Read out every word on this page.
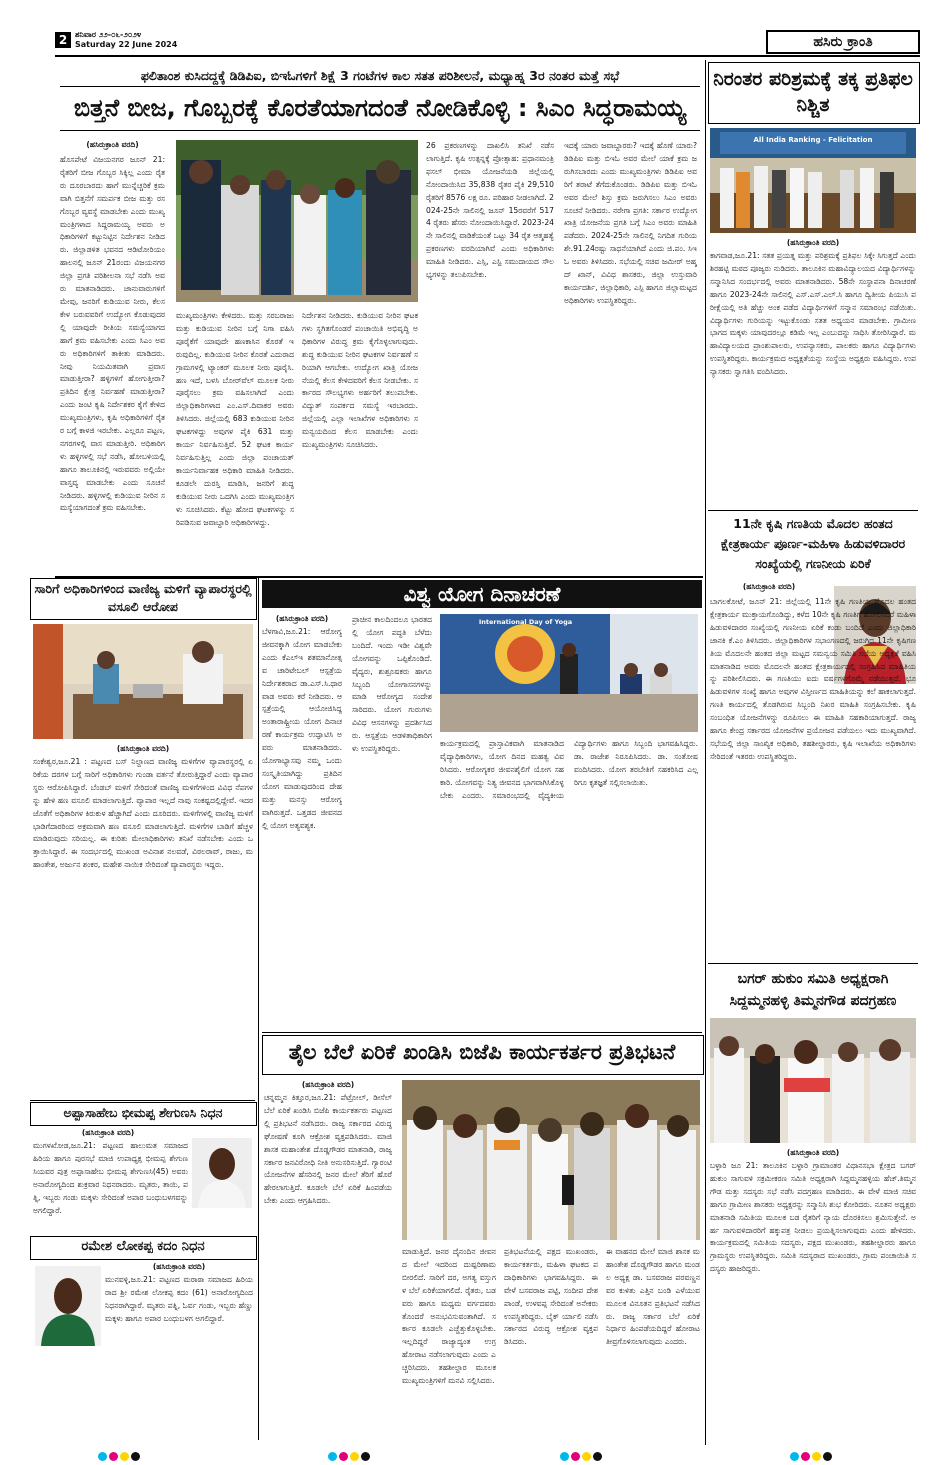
2 ಶನಿವಾರ ೨೨-೦೬-೨೦೨೪
Saturday 22 June 2024	ಹಸಿರು ಕ್ರಾಂತಿ
ಫಲಿತಾಂಶ ಕುಸಿದದ್ದಕ್ಕೆ ಡಿಡಿಪಿಐ, ಬಿಇಓಗಳಿಗೆ ಶಿಕ್ಷೆ 3 ಗಂಟೆಗಳ ಕಾಲ ಸತತ ಪರಿಶೀಲನೆ, ಮಧ್ಯಾಹ್ನ 3ರ ನಂತರ ಮತ್ತೆ ಸಭೆ
ಬಿತ್ತನೆ ಬೀಜ, ಗೊಬ್ಬರಕ್ಕೆ ಕೊರತೆಯಾಗದಂತೆ ನೋಡಿಕೊಳ್ಳಿ : ಸಿಎಂ ಸಿದ್ಧರಾಮಯ್ಯ
(ಹಸಿರುಕ್ರಾಂತಿ ವರದಿ)
ಹೊಸಪೇಟೆ ವಿಜಯನಗರ ಜೂನ್ 21: ರೈತರಿಗೆ ಬೀಜ ಗೊಬ್ಬರ ಸಿಕ್ಕಿಲ್ಲ ಎಂದು ರೈತರು ದೂರಬಾರದು ಹಾಗೆ ಮುನ್ನೆಚ್ಚರಿಕೆ ಕ್ರಮವಾಗಿ ಬಿತ್ತನೆಗೆ ಸಮರ್ಪಕ ಬೀಜ ಮತ್ತು ರಸಗೊಬ್ಬರ ವ್ಯವಸ್ಥೆ ಮಾಡಬೇಕು ಎಂದು ಮುಖ್ಯಮಂತ್ರಿಗಳಾದ ಸಿದ್ದರಾಮಯ್ಯ ಅವರು ಅಧಿಕಾರಿಗಳಿಗೆ ಕಟ್ಟುನಿಟ್ಟಿನ ನಿರ್ದೇಶನ ನೀಡಿದರು. ಜಿಲ್ಲಾಡಳಿತ ಭವನದ ಆಡಿಟೋರಿಯಂ ಹಾಲನಲ್ಲಿ ಜೂನ್ 21ರಂದು ವಿಜಯನಗರ ಜಿಲ್ಲಾ ಪ್ರಗತಿ ಪರಿಶೀಲನಾ ಸಭೆ ನಡೆಸಿ ಅವರು ಮಾತನಾಡಿದರು. ಜಾನುವಾರುಗಳಿಗೆ ಮೇವು, ಜನರಿಗೆ ಕುಡಿಯುವ ನೀರು, ಕೆಲಸ ಕೇಳ ಬರುವವರಿಗೆ ಉದ್ಯೋಗ ಕೊಡುವುದರಲ್ಲಿ ಯಾವುದೇ ರೀತಿಯ ಸಮಸ್ಯೆಯಾಗದ ಹಾಗೆ ಕ್ರಮ ವಹಿಸಬೇಕು ಎಂದು ಸಿಎಂ ಅವರು ಅಧಿಕಾರಿಗಳಿಗೆ ತಾಕೀತು ಮಾಡಿದರು. ನೀವು ನಿಯಮಿತವಾಗಿ ಪ್ರವಾಸ ಮಾಡುತ್ತೀರಾ? ಹಳ್ಳಿಗಳಿಗೆ ಹೋಗುತ್ತೀರಾ? ಪ್ರತಿದಿನ ಕ್ಷೇತ್ರ ನಿರ್ವಹಣೆ ಮಾಡುತ್ತೀರಾ? ಎಂದು ಜಂಟಿ ಕೃಷಿ ನಿರ್ದೇಶಕರ ಕೈಗೆ ಕೇಳಿದ ಮುಖ್ಯಮಂತ್ರಿಗಳು, ಕೃಷಿ ಅಧಿಕಾರಿಗಳಿಗೆ ರೈತರ ಬಗ್ಗೆ ಕಾಳಜಿ ಇರಬೇಕು. ಎಲ್ಲರೂ ಪಟ್ಟಣ, ನಗರಗಳಲ್ಲಿ ವಾಸ ಮಾಡುತ್ತೀರಿ. ಅಧಿಕಾರಿಗಳು ಹಳ್ಳಿಗಳಲ್ಲಿ ಸಭೆ ನಡೆಸಿ, ಹೋಬಳಿಯಲ್ಲಿ ಹಾಗೂ ತಾಲೂಕಿನಲ್ಲಿ ಇರುವವರು ಅಲ್ಲಿಯೇ ವಾಸ್ತವ್ಯ ಮಾಡಬೇಕು ಎಂದು ಸೂಚನೆ ನೀಡಿದರು. ಹಳ್ಳಿಗಳಲ್ಲಿ ಕುಡಿಯುವ ನೀರಿನ ಸಮಸ್ಯೆಯಾಗದಂತೆ ಕ್ರಮ ವಹಿಸಬೇಕು.
ಮುಖ್ಯಮಂತ್ರಿಗಳು ಕೇಳಿದರು. ಮತ್ತು ಸರಬರಾಜು ಮತ್ತು ಕುಡಿಯುವ ನೀರಿನ ಬಗ್ಗೆ ನಿಗಾ ವಹಿಸಿ ಪೂರೈಕೆಗೆ ಯಾವುದೇ ಹಣಕಾಸಿನ ಕೊರತೆ ಇರುವುದಿಲ್ಲ. ಕುಡಿಯುವ ನೀರಿನ ಕೊರತೆ ಎದುರಾದ ಗ್ರಾಮಗಳಲ್ಲಿ ಟ್ಯಾಂಕರ್ ಮೂಲಕ ನೀರು ಪೂರೈಸಿ. ಹಣ ಇದೆ, ಬಳಸಿ ಬೋರ್‌ವೆಲ್ ಮೂಲಕ ನೀರು ಪೂರೈಸಲು ಕ್ರಮ ವಹಿಸಲಾಗಿದೆ ಎಂದು ಜಿಲ್ಲಾಧಿಕಾರಿಗಳಾದ ಎಂ.ಎಸ್.ದಿವಾಕರ ಅವರು ತಿಳಿಸಿದರು. ಜಿಲ್ಲೆಯಲ್ಲಿ 683 ಕುಡಿಯುವ ನೀರಿನ ಘಟಕಗಳಿದ್ದು ಅವುಗಳ ಪೈಕಿ 631 ಮತ್ತು ಕಾರ್ಯ ನಿರ್ವಹಿಸುತ್ತಿವೆ. 52 ಘಟಕ ಕಾರ್ಯ ನಿರ್ವಹಿಸುತ್ತಿಲ್ಲ ಎಂದು ಜಿಲ್ಲಾ ಪಂಚಾಯತ್ ಕಾರ್ಯನಿರ್ವಾಹಕ ಅಧಿಕಾರಿ ಮಾಹಿತಿ ನೀಡಿದರು. ಕೂಡಲೇ ದುರಸ್ತಿ ಮಾಡಿಸಿ, ಜನರಿಗೆ ಶುದ್ಧ ಕುಡಿಯುವ ನೀರು ಒದಗಿಸಿ ಎಂದು ಮುಖ್ಯಮಂತ್ರಿಗಳು ಸೂಚಿಸಿದರು. ಕೆಟ್ಟು ಹೋದ ಘಟಕಗಳನ್ನು ಸರಿಪಡಿಸುವ ಜವಾಬ್ದಾರಿ ಅಧಿಕಾರಿಗಳದ್ದು.
ನಿರ್ದೇಶನ ನೀಡಿದರು. ಕುಡಿಯುವ ನೀರಿನ ಘಟಕಗಳು ಸ್ಥಗಿತಗೊಂಡರೆ ಪಂಚಾಯಿತಿ ಅಭಿವೃದ್ಧಿ ಅಧಿಕಾರಿಗಳ ವಿರುದ್ಧ ಕ್ರಮ ಕೈಗೊಳ್ಳಲಾಗುವುದು. ಶುದ್ಧ ಕುಡಿಯುವ ನೀರಿನ ಘಟಕಗಳ ನಿರ್ವಹಣೆ ಸರಿಯಾಗಿ ಆಗಬೇಕು. ಉದ್ಯೋಗ ಖಾತ್ರಿ ಯೋಜನೆಯಲ್ಲಿ ಕೆಲಸ ಕೇಳಿದವರಿಗೆ ಕೆಲಸ ನೀಡಬೇಕು. ಸರ್ಕಾರದ ಸೌಲಭ್ಯಗಳು ಅರ್ಹರಿಗೆ ತಲುಪಬೇಕು. ವಿದ್ಯುತ್ ಸಂಪರ್ಕದ ಸಮಸ್ಯೆ ಇರಬಾರದು. ಜಿಲ್ಲೆಯಲ್ಲಿ ಎಲ್ಲಾ ಇಲಾಖೆಗಳ ಅಧಿಕಾರಿಗಳು ಸಮನ್ವಯದಿಂದ ಕೆಲಸ ಮಾಡಬೇಕು ಎಂದು ಮುಖ್ಯಮಂತ್ರಿಗಳು ಸೂಚಿಸಿದರು.
26 ಪ್ರಕರಣಗಳನ್ನು ದಾಖಲಿಸಿ ತನಿಖೆ ನಡೆಸಲಾಗುತ್ತಿದೆ. ಕೃಷಿ ಉತ್ಪನ್ನಕ್ಕೆ ಪ್ರೋತ್ಸಾಹ: ಪ್ರಧಾನಮಂತ್ರಿ ಫಸಲ್ ಭೀಮಾ ಯೋಜನೆಯಡಿ ಜಿಲ್ಲೆಯಲ್ಲಿ ನೋಂದಾಯಿಸಿದ 35,838 ರೈತರ ಪೈಕಿ 29,510 ರೈತರಿಗೆ 8576 ಲಕ್ಷ ರೂ. ಪರಿಹಾರ ನೀಡಲಾಗಿದೆ. 2024-25ನೇ ಸಾಲಿನಲ್ಲಿ ಜೂನ್ 15ರವರೆಗೆ 5174 ರೈತರು ಹೆಸರು ನೋಂದಾಯಿಸಿದ್ದಾರೆ. 2023-24ನೇ ಸಾಲಿನಲ್ಲಿ ವಾಡಿಕೆಯಂತೆ ಒಟ್ಟು 34 ರೈತ ಆತ್ಮಹತ್ಯೆ ಪ್ರಕರಣಗಳು ವರದಿಯಾಗಿವೆ ಎಂದು ಅಧಿಕಾರಿಗಳು ಮಾಹಿತಿ ನೀಡಿದರು. ಎಸ್ಸಿ, ಎಸ್ಟಿ ಸಮುದಾಯದ ಸೌಲಭ್ಯಗಳನ್ನು ತಲುಪಿಸಬೇಕು.
ಇದಕ್ಕೆ ಯಾರು ಜವಾಬ್ದಾರರು? ಇದಕ್ಕೆ ಹೊಣೆ ಯಾರು? ಡಿಡಿಪಿಐ ಮತ್ತು ಬಿಇಓ ಅವರ ಮೇಲೆ ಯಾಕೆ ಕ್ರಮ ಜರುಗಿಸಬಾರದು ಎಂದು ಮುಖ್ಯಮಂತ್ರಿಗಳು ಡಿಡಿಪಿಐ ಅವರಿಗೆ ತರಾಟೆ ತೆಗೆದುಕೊಂಡರು. ಡಿಡಿಪಿಐ ಮತ್ತು ಬಿಇಓ ಅವರ ಮೇಲೆ ಶಿಸ್ತು ಕ್ರಮ ಜರುಗಿಸಲು ಸಿಎಂ ಅವರು ಸೂಚನೆ ನೀಡಿದರು. ನರೇಗಾ ಪ್ರಗತಿ: ಸರ್ಕಾರ ಉದ್ಯೋಗ ಖಾತ್ರಿ ಯೋಜನೆಯ ಪ್ರಗತಿ ಬಗ್ಗೆ ಸಿಎಂ ಅವರು ಮಾಹಿತಿ ಪಡೆದರು. 2024-25ನೇ ಸಾಲಿನಲ್ಲಿ ನಿಗದಿತ ಗುರಿಯ ಶೇ.91.24ರಷ್ಟು ಸಾಧನೆಯಾಗಿದೆ ಎಂದು ಜಿ.ಪಂ. ಸಿಇಓ ಅವರು ತಿಳಿಸಿದರು. ಸಭೆಯಲ್ಲಿ ಸಚಿವ ಜಮೀರ್ ಅಹ್ಮದ್ ಖಾನ್, ವಿವಿಧ ಶಾಸಕರು, ಜಿಲ್ಲಾ ಉಸ್ತುವಾರಿ ಕಾರ್ಯದರ್ಶಿ, ಜಿಲ್ಲಾಧಿಕಾರಿ, ಎಸ್ಪಿ ಹಾಗೂ ಜಿಲ್ಲಾಮಟ್ಟದ ಅಧಿಕಾರಿಗಳು ಉಪಸ್ಥಿತರಿದ್ದರು.
ನಿರಂತರ ಪರಿಶ್ರಮಕ್ಕೆ ತಕ್ಕ ಪ್ರತಿಫಲ ನಿಶ್ಚಿತ
All India Ranking - Felicitation
(ಹಸಿರುಕ್ರಾಂತಿ ವರದಿ)
ಕಾಗವಾಡ,ಜೂ.21: ಸತತ ಪ್ರಯತ್ನ ಮತ್ತು ಪರಿಶ್ರಮಕ್ಕೆ ಪ್ರತಿಫಲ ಸಿಕ್ಕೇ ಸಿಗುತ್ತದೆ ಎಂದು ಶಿರಹಟ್ಟಿ ಮಠದ ಪೂಜ್ಯರು ನುಡಿದರು. ತಾಲೂಕಿನ ಮಹಾವಿದ್ಯಾಲಯದ ವಿದ್ಯಾರ್ಥಿಗಳನ್ನು ಸನ್ಮಾನಿಸಿದ ಸಂದರ್ಭದಲ್ಲಿ ಅವರು ಮಾತನಾಡಿದರು. 58ನೇ ಸಂಸ್ಥಾಪನಾ ದಿನಾಚರಣೆ ಹಾಗೂ 2023-24ನೇ ಸಾಲಿನಲ್ಲಿ ಎಸ್.ಎಸ್.ಎಲ್.ಸಿ ಹಾಗೂ ದ್ವಿತೀಯ ಪಿಯುಸಿ ಪರೀಕ್ಷೆಯಲ್ಲಿ ಅತಿ ಹೆಚ್ಚು ಅಂಕ ಪಡೆದ ವಿದ್ಯಾರ್ಥಿಗಳಿಗೆ ಸನ್ಮಾನ ಸಮಾರಂಭ ನಡೆಯಿತು. ವಿದ್ಯಾರ್ಥಿಗಳು ಗುರಿಯನ್ನು ಇಟ್ಟುಕೊಂಡು ಸತತ ಅಧ್ಯಯನ ಮಾಡಬೇಕು. ಗ್ರಾಮೀಣ ಭಾಗದ ಮಕ್ಕಳು ಯಾವುದರಲ್ಲೂ ಕಡಿಮೆ ಇಲ್ಲ ಎಂಬುದನ್ನು ಸಾಧಿಸಿ ತೋರಿಸಿದ್ದಾರೆ. ಮಹಾವಿದ್ಯಾಲಯದ ಪ್ರಾಂಶುಪಾಲರು, ಉಪನ್ಯಾಸಕರು, ಪಾಲಕರು ಹಾಗೂ ವಿದ್ಯಾರ್ಥಿಗಳು ಉಪಸ್ಥಿತರಿದ್ದರು. ಕಾರ್ಯಕ್ರಮದ ಅಧ್ಯಕ್ಷತೆಯನ್ನು ಸಂಸ್ಥೆಯ ಅಧ್ಯಕ್ಷರು ವಹಿಸಿದ್ದರು. ಉಪನ್ಯಾಸಕರು ಸ್ವಾಗತಿಸಿ ವಂದಿಸಿದರು.
11ನೇ ಕೃಷಿ ಗಣತಿಯ ಮೊದಲ ಹಂತದ ಕ್ಷೇತ್ರಕಾರ್ಯ ಪೂರ್ಣ-ಮಹಿಳಾ ಹಿಡುವಳಿದಾರರ ಸಂಖ್ಯೆಯಲ್ಲಿ ಗಣನೀಯ ಏರಿಕೆ
(ಹಸಿರುಕ್ರಾಂತಿ ವರದಿ)
ಬಾಗಲಕೋಟೆ, ಜೂನ್ 21: ಜಿಲ್ಲೆಯಲ್ಲಿ 11ನೇ ಕೃಷಿ ಗಣತಿಯ ಮೊದಲ ಹಂತದ ಕ್ಷೇತ್ರಕಾರ್ಯ ಮುಕ್ತಾಯಗೊಂಡಿದ್ದು, ಕಳೆದ 10ನೇ ಕೃಷಿ ಗಣತಿಗೆ ಹೋಲಿಸಿದರೆ ಮಹಿಳಾ ಹಿಡುವಳಿದಾರರ ಸಂಖ್ಯೆಯಲ್ಲಿ ಗಣನೀಯ ಏರಿಕೆ ಕಂಡು ಬಂದಿದೆ ಎಂದು ಜಿಲ್ಲಾಧಿಕಾರಿ ಜಾನಕಿ ಕೆ.ಎಂ ತಿಳಿಸಿದರು. ಜಿಲ್ಲಾಧಿಕಾರಿಗಳ ಸಭಾಂಗಣದಲ್ಲಿ ಜರುಗಿದ 11ನೇ ಕೃಷಿಗಣತಿಯ ಮೊದಲನೇ ಹಂತದ ಜಿಲ್ಲಾ ಮಟ್ಟದ ಸಮನ್ವಯ ಸಮಿತಿ ಸಭೆಯ ಅಧ್ಯಕ್ಷತೆ ವಹಿಸಿ ಮಾತನಾಡಿದ ಅವರು ಮೊದಲನೇ ಹಂತದ ಕ್ಷೇತ್ರಕಾರ್ಯದಲ್ಲಿ ಸಂಗ್ರಹಿಸಿದ ಮಾಹಿತಿಯನ್ನು ಪರಿಶೀಲಿಸಿದರು. ಈ ಗಣತಿಯು ಐದು ವರ್ಷಗಳಿಗೊಮ್ಮೆ ನಡೆಯುತ್ತದೆ. ಭೂ ಹಿಡುವಳಿಗಳ ಸಂಖ್ಯೆ ಹಾಗೂ ಅವುಗಳ ವಿಸ್ತೀರ್ಣದ ಮಾಹಿತಿಯನ್ನು ಕಲೆ ಹಾಕಲಾಗುತ್ತದೆ. ಗಣತಿ ಕಾರ್ಯದಲ್ಲಿ ತೊಡಗಿರುವ ಸಿಬ್ಬಂದಿ ನಿಖರ ಮಾಹಿತಿ ಸಂಗ್ರಹಿಸಬೇಕು. ಕೃಷಿ ಸಂಬಂಧಿತ ಯೋಜನೆಗಳನ್ನು ರೂಪಿಸಲು ಈ ಮಾಹಿತಿ ಸಹಕಾರಿಯಾಗುತ್ತದೆ. ರಾಜ್ಯ ಹಾಗೂ ಕೇಂದ್ರ ಸರ್ಕಾರದ ಯೋಜನೆಗಳ ಪ್ರಯೋಜನ ಪಡೆಯಲು ಇದು ಮುಖ್ಯವಾಗಿದೆ. ಸಭೆಯಲ್ಲಿ ಜಿಲ್ಲಾ ಸಾಂಖ್ಯಿಕ ಅಧಿಕಾರಿ, ತಹಶೀಲ್ದಾರರು, ಕೃಷಿ ಇಲಾಖೆಯ ಅಧಿಕಾರಿಗಳು ಸೇರಿದಂತೆ ಇತರರು ಉಪಸ್ಥಿತರಿದ್ದರು.
ಬಗರ್ ಹುಕುಂ ಸಮಿತಿ ಅಧ್ಯಕ್ಷರಾಗಿ ಸಿದ್ದಮ್ಮನಹಳ್ಳಿ ತಿಮ್ಮನಗೌಡ ಪದಗ್ರಹಣ
(ಹಸಿರುಕ್ರಾಂತಿ ವರದಿ)
ಬಳ್ಳಾರಿ ಜೂ 21: ತಾಲೂಕಿನ ಬಳ್ಳಾರಿ ಗ್ರಾಮಾಂತರ ವಿಧಾನಸಭಾ ಕ್ಷೇತ್ರದ ಬಗರ್ ಹುಕುಂ ಸಾಗುವಳಿ ಸಕ್ರಮೀಕರಣ ಸಮಿತಿ ಅಧ್ಯಕ್ಷರಾಗಿ ಸಿದ್ದಮ್ಮನಹಳ್ಳಿಯ ಹೆಚ್.ತಿಮ್ಮನಗೌಡ ಮತ್ತು ಸದಸ್ಯರು ಸಭೆ ನಡೆಸಿ ಪದಗ್ರಹಣ ಮಾಡಿದರು. ಈ ವೇಳೆ ಮಾಜಿ ಸಚಿವ ಹಾಗೂ ಗ್ರಾಮೀಣ ಶಾಸಕರು ಅಧ್ಯಕ್ಷರನ್ನು ಸನ್ಮಾನಿಸಿ ಶುಭ ಕೋರಿದರು. ನೂತನ ಅಧ್ಯಕ್ಷರು ಮಾತನಾಡಿ ಸಮಿತಿಯ ಮೂಲಕ ಬಡ ರೈತರಿಗೆ ನ್ಯಾಯ ದೊರಕಿಸಲು ಶ್ರಮಿಸುತ್ತೇನೆ. ಅರ್ಹ ಸಾಗುವಳಿದಾರರಿಗೆ ಹಕ್ಕುಪತ್ರ ನೀಡಲು ಪ್ರಯತ್ನಿಸಲಾಗುವುದು ಎಂದು ಹೇಳಿದರು. ಕಾರ್ಯಕ್ರಮದಲ್ಲಿ ಸಮಿತಿಯ ಸದಸ್ಯರು, ಪಕ್ಷದ ಮುಖಂಡರು, ತಹಶೀಲ್ದಾರರು ಹಾಗೂ ಗ್ರಾಮಸ್ಥರು ಉಪಸ್ಥಿತರಿದ್ದರು. ಸಮಿತಿ ಸದಸ್ಯರಾದ ಮುಖಂಡರು, ಗ್ರಾಮ ಪಂಚಾಯಿತಿ ಸದಸ್ಯರು ಹಾಜರಿದ್ದರು.
ಸಾರಿಗೆ ಅಧಿಕಾರಿಗಳಿಂದ ವಾಣಿಜ್ಯ ಮಳಿಗೆ ವ್ಯಾಪಾರಸ್ಥರಲ್ಲಿ ವಸೂಲಿ ಆರೋಪ
(ಹಸಿರುಕ್ರಾಂತಿ ವರದಿ)
ಸಂಕೇಶ್ವರ,ಜೂ.21 : ಪಟ್ಟಣದ ಬಸ್ ನಿಲ್ದಾಣದ ವಾಣಿಜ್ಯ ಮಳಿಗೆಗಳ ವ್ಯಾಪಾರಸ್ಥರಲ್ಲಿ ಏರಿಕೆಯ ದರಗಳ ಬಗ್ಗೆ ಸಾರಿಗೆ ಅಧಿಕಾರಿಗಳು ಗುಂಡಾ ವರ್ತನೆ ತೋರುತ್ತಿದ್ದಾರೆ ಎಂದು ವ್ಯಾಪಾರಸ್ಥರು ಆರೋಪಿಸಿದ್ದಾರೆ. ಬೆಂಡಬ್ ಮಳಿಗೆ ಸೇರಿದಂತೆ ವಾಣಿಜ್ಯ ಮಳಿಗೆಗಳಿಂದ ವಿವಿಧ ನೆಪಗಳನ್ನು ಹೇಳಿ ಹಣ ವಸೂಲಿ ಮಾಡಲಾಗುತ್ತಿದೆ. ವ್ಯಾಪಾರ ಇಲ್ಲದೆ ನಾವು ಸಂಕಷ್ಟದಲ್ಲಿದ್ದೇವೆ. ಇದರ ಜೊತೆಗೆ ಅಧಿಕಾರಿಗಳ ಕಿರುಕುಳ ಹೆಚ್ಚಾಗಿದೆ ಎಂದು ದೂರಿದರು. ಮಳಿಗೆಗಳಲ್ಲಿ ವಾಣಿಜ್ಯ ಮಳಿಗೆ ಭಾಡಿಗೆದಾರರಿಂದ ಅಕ್ರಮವಾಗಿ ಹಣ ವಸೂಲಿ ಮಾಡಲಾಗುತ್ತಿದೆ. ಮಳಿಗೆಗಳ ಬಾಡಿಗೆ ಹೆಚ್ಚಳ ಮಾಡಿರುವುದು ಸರಿಯಲ್ಲ. ಈ ಕುರಿತು ಮೇಲಾಧಿಕಾರಿಗಳು ತನಿಖೆ ನಡೆಸಬೇಕು ಎಂದು ಒತ್ತಾಯಿಸಿದ್ದಾರೆ. ಈ ಸಂದರ್ಭದಲ್ಲಿ ಮುಖಂಡ ಅವಿನಾಶ ನಲವಡೆ, ವಿಠಲರಾವ್, ರಾಜು, ಮಹಾಂತೇಶ, ಅರ್ಜುನ ಶಂಕರ, ಮಹೇಶ ನಾಯಿಕ ಸೇರಿದಂತೆ ವ್ಯಾಪಾರಸ್ಥರು ಇದ್ದರು.
ಅಪ್ಪಾಸಾಹೇಬ ಭೀಮಪ್ಪ ಶೇಗುಣಸಿ ನಿಧನ
(ಹಸಿರುಕ್ರಾಂತಿ ವರದಿ)
ಮುಗಳಖೋಡ,ಜೂ.21: ಪಟ್ಟಣದ ಹಾಲುಮತ ಸಮಾಜದ ಹಿರಿಯ ಹಾಗೂ ಪುರಸಭೆ ಮಾಜಿ ಉಪಾಧ್ಯಕ್ಷ ಭೀಮಪ್ಪ ಶೇಗುಣಸಿಯವರ ಪುತ್ರ ಅಪ್ಪಾಸಾಹೇಬ ಭೀಮಪ್ಪ ಶೇಗುಣಸಿ(45) ಅವರು ಅನಾರೋಗ್ಯದಿಂದ ಶುಕ್ರವಾರ ನಿಧನರಾದರು. ಮೃತರು, ತಾಯಿ, ಪತ್ನಿ, ಇಬ್ಬರು ಗಂಡು ಮಕ್ಕಳು ಸೇರಿದಂತೆ ಅಪಾರ ಬಂಧುಬಳಗವನ್ನು ಅಗಲಿದ್ದಾರೆ.
ರಮೇಶ ಲೋಕಪ್ಪ ಕದಂ ನಿಧನ
(ಹಸಿರುಕ್ರಾಂತಿ ವರದಿ)
ಮುನವಳ್ಳಿ,ಜೂ.21: ಪಟ್ಟಣದ ಮರಾಠಾ ಸಮಾಜದ ಹಿರಿಯರಾದ ಶ್ರೀ ರಮೇಶ ಲೋಕಪ್ಪ ಕದಂ (61) ಅನಾರೋಗ್ಯದಿಂದ ನಿಧನರಾಗಿದ್ದಾರೆ. ಮೃತರು ಪತ್ನಿ, ಓರ್ವ ಗಂಡು, ಇಬ್ಬರು ಹೆಣ್ಣು ಮಕ್ಕಳು ಹಾಗೂ ಅಪಾರ ಬಂಧುಬಳಗ ಅಗಲಿದ್ದಾರೆ.
ವಿಶ್ವ ಯೋಗ ದಿನಾಚರಣೆ
(ಹಸಿರುಕ್ರಾಂತಿ ವರದಿ)
ಬೆಳಗಾವಿ,ಜೂ.21: ಆರೋಗ್ಯ ಜೀವನಕ್ಕಾಗಿ ಯೋಗ ಮಾಡಬೇಕು ಎಂದು ಕೆಎಲ್‌ಇ ಶತಮಾನೋತ್ಸವ ಚಾರಿಟೇಬಲ್ ಆಸ್ಪತ್ರೆಯ ನಿರ್ದೇಶಕರಾದ ಡಾ.ಎಸ್.ಸಿ.ಧಾರವಾಡ ಅವರು ಕರೆ ನೀಡಿದರು. ಆಸ್ಪತ್ರೆಯಲ್ಲಿ ಆಯೋಜಿಸಿದ್ದ ಅಂತಾರಾಷ್ಟ್ರೀಯ ಯೋಗ ದಿನಾಚರಣೆ ಕಾರ್ಯಕ್ರಮ ಉದ್ಘಾಟಿಸಿ ಅವರು ಮಾತನಾಡಿದರು. ಯೋಗಾಭ್ಯಾಸವು ನಮ್ಮ ಒಂದು ಸಂಸ್ಕೃತಿಯಾಗಿದ್ದು ಪ್ರತಿದಿನ ಯೋಗ ಮಾಡುವುದರಿಂದ ದೇಹ ಮತ್ತು ಮನಸ್ಸು ಆರೋಗ್ಯವಾಗಿರುತ್ತದೆ. ಒತ್ತಡದ ಜೀವನದಲ್ಲಿ ಯೋಗ ಅತ್ಯವಶ್ಯಕ.
ಪ್ರಾಚೀನ ಕಾಲದಿಂದಲೂ ಭಾರತದಲ್ಲಿ ಯೋಗ ಪದ್ಧತಿ ಬೆಳೆದು ಬಂದಿದೆ. ಇಂದು ಇಡೀ ವಿಶ್ವವೇ ಯೋಗವನ್ನು ಒಪ್ಪಿಕೊಂಡಿದೆ. ವೈದ್ಯರು, ಶುಶ್ರೂಷಕರು ಹಾಗೂ ಸಿಬ್ಬಂದಿ ಯೋಗಾಸನಗಳನ್ನು ಮಾಡಿ ಆರೋಗ್ಯದ ಸಂದೇಶ ಸಾರಿದರು. ಯೋಗ ಗುರುಗಳು ವಿವಿಧ ಆಸನಗಳನ್ನು ಪ್ರದರ್ಶಿಸಿದರು. ಆಸ್ಪತ್ರೆಯ ಆಡಳಿತಾಧಿಕಾರಿಗಳು ಉಪಸ್ಥಿತರಿದ್ದರು.
International Day of Yoga
ಕಾರ್ಯಕ್ರಮದಲ್ಲಿ ಪ್ರಾಸ್ತಾವಿಕವಾಗಿ ಮಾತನಾಡಿದ ವೈದ್ಯಾಧಿಕಾರಿಗಳು, ಯೋಗ ದಿನದ ಮಹತ್ವ ವಿವರಿಸಿದರು. ಆರೋಗ್ಯಕರ ಜೀವನಶೈಲಿಗೆ ಯೋಗ ಸಹಕಾರಿ. ಯೋಗವನ್ನು ನಿತ್ಯ ಜೀವನದ ಭಾಗವಾಗಿಸಿಕೊಳ್ಳಬೇಕು ಎಂದರು. ಸಮಾರಂಭದಲ್ಲಿ ವೈದ್ಯಕೀಯ ವಿದ್ಯಾರ್ಥಿಗಳು ಹಾಗೂ ಸಿಬ್ಬಂದಿ ಭಾಗವಹಿಸಿದ್ದರು. ಡಾ. ರಾಜೇಶ ನಿರೂಪಿಸಿದರು. ಡಾ. ಸಂತೋಷ ವಂದಿಸಿದರು. ಯೋಗ ತರಬೇತಿಗೆ ಸಹಕರಿಸಿದ ಎಲ್ಲರಿಗೂ ಕೃತಜ್ಞತೆ ಸಲ್ಲಿಸಲಾಯಿತು.
ತೈಲ ಬೆಲೆ ಏರಿಕೆ ಖಂಡಿಸಿ ಬಿಜೆಪಿ ಕಾರ್ಯಕರ್ತರ ಪ್ರತಿಭಟನೆ
(ಹಸಿರುಕ್ರಾಂತಿ ವರದಿ)
ಚನ್ನಮ್ಮನ ಕಿತ್ತೂರ,ಜೂ.21: ಪೆಟ್ರೋಲ್, ಡೀಸೆಲ್ ಬೆಲೆ ಏರಿಕೆ ಖಂಡಿಸಿ ಬಿಜೆಪಿ ಕಾರ್ಯಕರ್ತರು ಪಟ್ಟಣದಲ್ಲಿ ಪ್ರತಿಭಟನೆ ನಡೆಸಿದರು. ರಾಜ್ಯ ಸರ್ಕಾರದ ವಿರುದ್ಧ ಘೋಷಣೆ ಕೂಗಿ ಆಕ್ರೋಶ ವ್ಯಕ್ತಪಡಿಸಿದರು. ಮಾಜಿ ಶಾಸಕ ಮಹಾಂತೇಶ ದೊಡ್ಡಗೌಡರ ಮಾತನಾಡಿ, ರಾಜ್ಯ ಸರ್ಕಾರ ಜನವಿರೋಧಿ ನೀತಿ ಅನುಸರಿಸುತ್ತಿದೆ. ಗ್ಯಾರಂಟಿ ಯೋಜನೆಗಳ ಹೆಸರಿನಲ್ಲಿ ಜನರ ಮೇಲೆ ತೆರಿಗೆ ಹೊರೆ ಹೇರಲಾಗುತ್ತಿದೆ. ಕೂಡಲೇ ಬೆಲೆ ಏರಿಕೆ ಹಿಂಪಡೆಯಬೇಕು ಎಂದು ಆಗ್ರಹಿಸಿದರು.
ಮಾಡುತ್ತಿದೆ. ಜನರ ದೈನಂದಿನ ಜೀವನದ ಮೇಲೆ ಇದರಿಂದ ದುಷ್ಪರಿಣಾಮ ಬೀರಲಿದೆ. ಸಾರಿಗೆ ದರ, ಅಗತ್ಯ ವಸ್ತುಗಳ ಬೆಲೆ ಏರಿಕೆಯಾಗಲಿದೆ. ರೈತರು, ಬಡವರು ಹಾಗೂ ಮಧ್ಯಮ ವರ್ಗದವರು ತೊಂದರೆ ಅನುಭವಿಸುವಂತಾಗಿದೆ. ಸರ್ಕಾರ ಕೂಡಲೇ ಎಚ್ಚೆತ್ತುಕೊಳ್ಳಬೇಕು. ಇಲ್ಲದಿದ್ದರೆ ರಾಜ್ಯಾದ್ಯಂತ ಉಗ್ರ ಹೋರಾಟ ನಡೆಸಲಾಗುವುದು ಎಂದು ಎಚ್ಚರಿಸಿದರು. ತಹಶೀಲ್ದಾರ ಮೂಲಕ ಮುಖ್ಯಮಂತ್ರಿಗಳಿಗೆ ಮನವಿ ಸಲ್ಲಿಸಿದರು.
ಪ್ರತಿಭಟನೆಯಲ್ಲಿ ಪಕ್ಷದ ಮುಖಂಡರು, ಕಾರ್ಯಕರ್ತರು, ಮಹಿಳಾ ಘಟಕದ ಪದಾಧಿಕಾರಿಗಳು ಭಾಗವಹಿಸಿದ್ದರು. ಈ ವೇಳೆ ಬಸವರಾಜ ಪಟ್ಟಿ, ಸಂದೀಪ ದೇಶಪಾಂಡೆ, ಉಳವಪ್ಪ ಸೇರಿದಂತೆ ಅನೇಕರು ಉಪಸ್ಥಿತರಿದ್ದರು. ಬೈಕ್ ರ್ಯಾಲಿ ನಡೆಸಿ ಸರ್ಕಾರದ ವಿರುದ್ಧ ಆಕ್ರೋಶ ವ್ಯಕ್ತಪಡಿಸಿದರು.
ಈ ವಾಹನದ ಮೇಲೆ ಮಾಜಿ ಶಾಸಕ ಮಹಾಂತೇಶ ದೊಡ್ಡಗೌಡರ ಹಾಗೂ ಮಂಡಲ ಅಧ್ಯಕ್ಷ ಡಾ. ಬಸವರಾಜ ಪರವಣ್ಣನವರ ಕುಳಿತು ಎತ್ತಿನ ಬಂಡಿ ಎಳೆಯುವ ಮೂಲಕ ವಿನೂತನ ಪ್ರತಿಭಟನೆ ನಡೆಸಿದರು. ರಾಜ್ಯ ಸರ್ಕಾರ ಬೆಲೆ ಏರಿಕೆ ನಿರ್ಧಾರ ಹಿಂಪಡೆಯದಿದ್ದರೆ ಹೋರಾಟ ತೀವ್ರಗೊಳಿಸಲಾಗುವುದು ಎಂದರು.
